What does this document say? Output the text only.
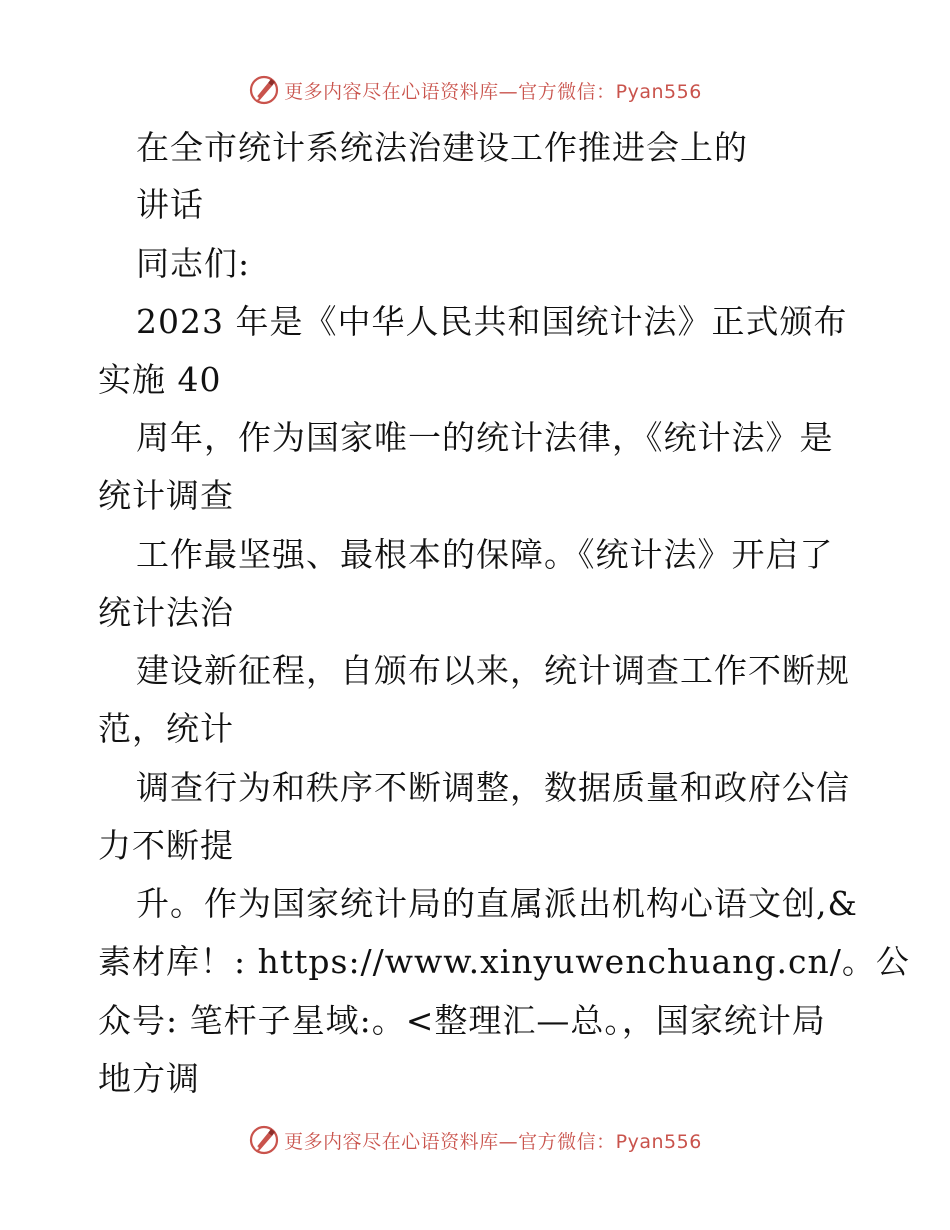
更多内容尽在心语资料库—官方微信：Pyan556
在全市统计系统法治建设工作推进会上的
讲话
同志们:
2023 年是《中华人民共和国统计法》正式颁布
实施 40
周年，作为国家唯一的统计法律，《统计法》是
统计调查
工作最坚强、最根本的保障。《统计法》开启了
统计法治
建设新征程，自颁布以来，统计调查工作不断规
范，统计
调查行为和秩序不断调整，数据质量和政府公信
力不断提
升。作为国家统计局的直属派出机构心语文创,&
素材库！: https://www.xinyuwenchuang.cn/。公
众号: 笔杆子星域:。<整理汇—总。，国家统计局
地方调
更多内容尽在心语资料库—官方微信：Pyan556
